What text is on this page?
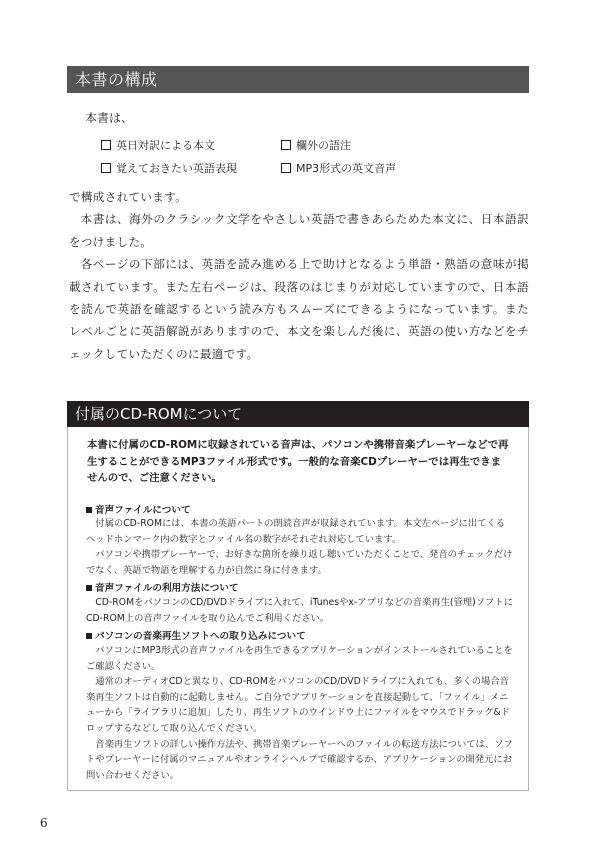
本書の構成
本書は、
英日対訳による本文	欄外の語注
覚えておきたい英語表現	MP3形式の英文音声

で構成されています。

本書は、海外のクラシック文学をやさしい英語で書きあらためた本文に、日本語訳をつけました。

各ページの下部には、英語を読み進める上で助けとなるよう単語・熟語の意味が掲載されています。また左右ページは、段落のはじまりが対応していますので、日本語を読んで英語を確認するという読み方もスムーズにできるようになっています。またレベルごとに英語解説がありますので、本文を楽しんだ後に、英語の使い方などをチェックしていただくのに最適です。

付属のCD-ROMについて
本書に付属のCD-ROMに収録されている音声は、パソコンや携帯音楽プレーヤーなどで再生することができるMP3ファイル形式です。一般的な音楽CDプレーヤーでは再生できませんので、ご注意ください。
音声ファイルについて

付属のCD-ROMには、本書の英語パートの朗読音声が収録されています。本文左ページに出てくるヘッドホンマーク内の数字とファイル名の数字がそれぞれ対応しています。

パソコンや携帯プレーヤーで、お好きな箇所を繰り返し聴いていただくことで、発音のチェックだけでなく、英語で物語を理解する力が自然に身に付きます。

音声ファイルの利用方法について

CD-ROMをパソコンのCD/DVDドライブに入れて、iTunesやx-アプリなどの音楽再生(管理)ソフトにCD-ROM上の音声ファイルを取り込んでご利用ください。

パソコンの音楽再生ソフトへの取り込みについて

パソコンにMP3形式の音声ファイルを再生できるアプリケーションがインストールされていることをご確認ください。

通常のオーディオCDと異なり、CD-ROMをパソコンのCD/DVDドライブに入れても、多くの場合音楽再生ソフトは自動的に起動しません。ご自分でアプリケーションを直接起動して、「ファイル」メニューから「ライブラリに追加」したり、再生ソフトのウインドウ上にファイルをマウスでドラッグ&ドロップするなどして取り込んでください。

音楽再生ソフトの詳しい操作方法や、携帯音楽プレーヤーへのファイルの転送方法については、ソフトやプレーヤーに付属のマニュアルやオンラインヘルプで確認するか、アプリケーションの開発元にお問い合わせください。

6
